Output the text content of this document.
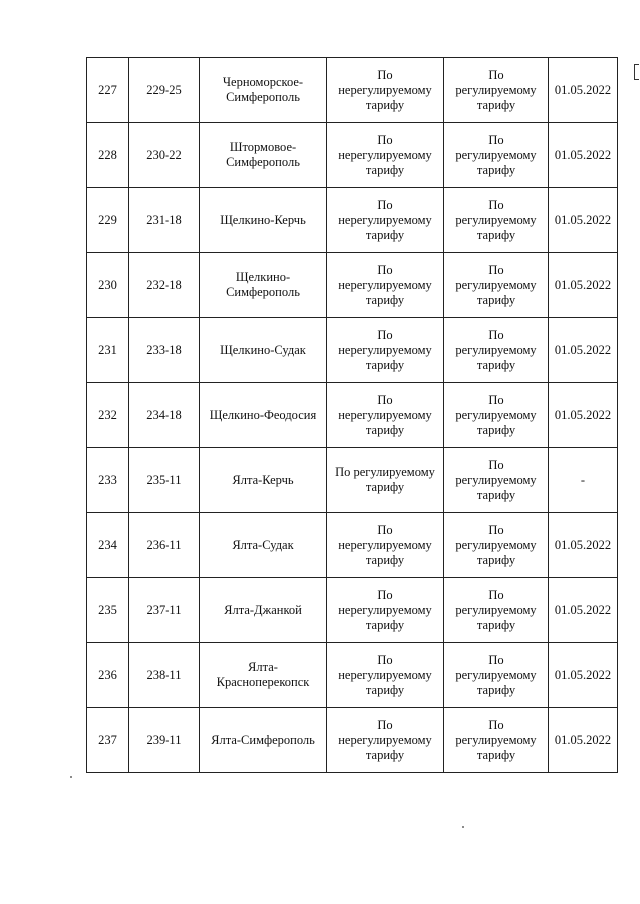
227	229-25	Черноморское-Симферополь	По нерегулируемому тарифу	По регулируемому тарифу	01.05.2022
228	230-22	Штормовое-Симферополь	По нерегулируемому тарифу	По регулируемому тарифу	01.05.2022
229	231-18	Щелкино-Керчь	По нерегулируемому тарифу	По регулируемому тарифу	01.05.2022
230	232-18	Щелкино-Симферополь	По нерегулируемому тарифу	По регулируемому тарифу	01.05.2022
231	233-18	Щелкино-Судак	По нерегулируемому тарифу	По регулируемому тарифу	01.05.2022
232	234-18	Щелкино-Феодосия	По нерегулируемому тарифу	По регулируемому тарифу	01.05.2022
233	235-11	Ялта-Керчь	По регулируемому тарифу	По регулируемому тарифу	-
234	236-11	Ялта-Судак	По нерегулируемому тарифу	По регулируемому тарифу	01.05.2022
235	237-11	Ялта-Джанкой	По нерегулируемому тарифу	По регулируемому тарифу	01.05.2022
236	238-11	Ялта-Красноперекопск	По нерегулируемому тарифу	По регулируемому тарифу	01.05.2022
237	239-11	Ялта-Симферополь	По нерегулируемому тарифу	По регулируемому тарифу	01.05.2022
